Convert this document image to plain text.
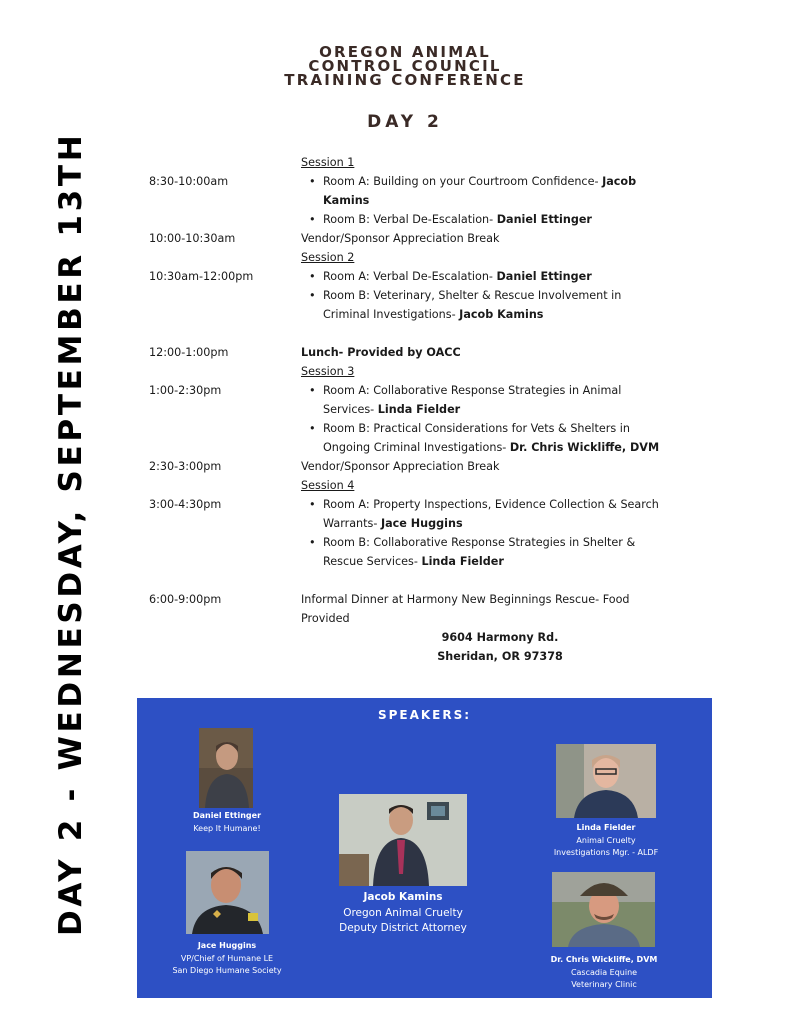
DAY 2 - WEDNESDAY, SEPTEMBER 13TH
OREGON ANIMAL
CONTROL COUNCIL
TRAINING CONFERENCE
DAY 2
Session 1
8:30-10:00am	• Room A: Building on your Courtroom Confidence- Jacob
Kamins
• Room B: Verbal De-Escalation- Daniel Ettinger
10:00-10:30am	Vendor/Sponsor Appreciation Break
Session 2
10:30am-12:00pm	• Room A: Verbal De-Escalation- Daniel Ettinger
• Room B: Veterinary, Shelter & Rescue Involvement in
Criminal Investigations- Jacob Kamins
12:00-1:00pm	Lunch- Provided by OACC
Session 3
1:00-2:30pm	• Room A: Collaborative Response Strategies in Animal
Services- Linda Fielder
• Room B: Practical Considerations for Vets & Shelters in
Ongoing Criminal Investigations- Dr. Chris Wickliffe, DVM
2:30-3:00pm	Vendor/Sponsor Appreciation Break
Session 4
3:00-4:30pm	• Room A: Property Inspections, Evidence Collection & Search
Warrants- Jace Huggins
• Room B: Collaborative Response Strategies in Shelter &
Rescue Services- Linda Fielder
6:00-9:00pm	Informal Dinner at Harmony New Beginnings Rescue- Food
Provided
9604 Harmony Rd.
Sheridan, OR 97378
SPEAKERS:
Daniel Ettinger
Keep It Humane!
Jace Huggins
VP/Chief of Humane LE
San Diego Humane Society
Jacob Kamins
Oregon Animal Cruelty
Deputy District Attorney
Linda Fielder
Animal Cruelty
Investigations Mgr. - ALDF
Dr. Chris Wickliffe, DVM
Cascadia Equine
Veterinary Clinic
